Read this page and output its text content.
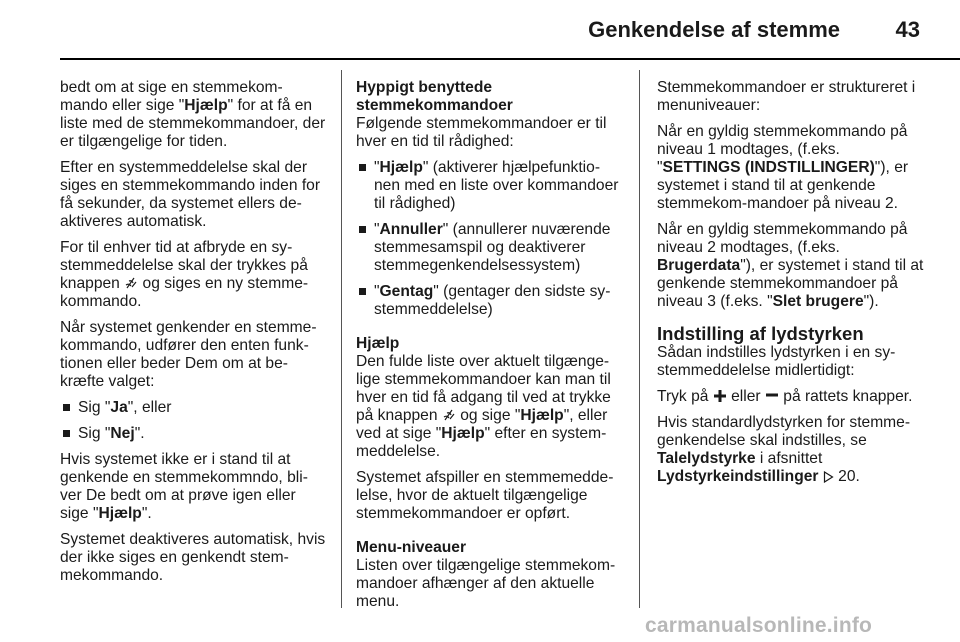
Genkendelse af stemme	43

bedt om at sige en stemmekom-mando eller sige "Hjælp" for at få en liste med de stemmekommandoer, der er tilgængelige for tiden.

Efter en systemmeddelelse skal der siges en stemmekommando inden for få sekunder, da systemet ellers de-aktiveres automatisk.

For til enhver tid at afbryde en sy-stemmeddelelse skal der trykkes på knappen og siges en ny stemme-kommando.

Når systemet genkender en stemme-kommando, udfører den enten funk-tionen eller beder Dem om at be-kræfte valget:

Sig "Ja", eller
Sig "Nej".

Hvis systemet ikke er i stand til at genkende en stemmekommndo, bli-ver De bedt om at prøve igen eller sige "Hjælp".

Systemet deaktiveres automatisk, hvis der ikke siges en genkendt stem-mekommando.

Hyppigt benyttede stemmekommandoer

Følgende stemmekommandoer er til hver en tid til rådighed:

"Hjælp" (aktiverer hjælpefunktio-nen med en liste over kommandoer til rådighed)
"Annuller" (annullerer nuværende stemmesamspil og deaktiverer stemmegenkendelsessystem)
"Gentag" (gentager den sidste sy-stemmeddelelse)
Hjælp

Den fulde liste over aktuelt tilgænge-lige stemmekommandoer kan man til hver en tid få adgang til ved at trykke på knappen og sige "Hjælp", eller ved at sige "Hjælp" efter en system-meddelelse.

Systemet afspiller en stemmemedde-lelse, hvor de aktuelt tilgængelige stemmekommandoer er opført.

Menu-niveauer

Listen over tilgængelige stemmekom-mandoer afhænger af den aktuelle menu.

Stemmekommandoer er struktureret i menuniveauer:

Når en gyldig stemmekommando på niveau 1 modtages, (f.eks. "SETTINGS (INDSTILLINGER)"), er systemet i stand til at genkende stemmekom-mandoer på niveau 2.

Når en gyldig stemmekommando på niveau 2 modtages, (f.eks. Brugerdata"), er systemet i stand til at genkende stemmekommandoer på niveau 3 (f.eks. "Slet brugere").

Indstilling af lydstyrken

Sådan indstilles lydstyrken i en sy-stemmeddelelse midlertidigt:

Tryk på eller på rattets knapper.

Hvis standardlydstyrken for stemme-genkendelse skal indstilles, se
Talelydstyrke i afsnittet
Lydstyrkeindstillinger 20.

carmanualsonline.info
